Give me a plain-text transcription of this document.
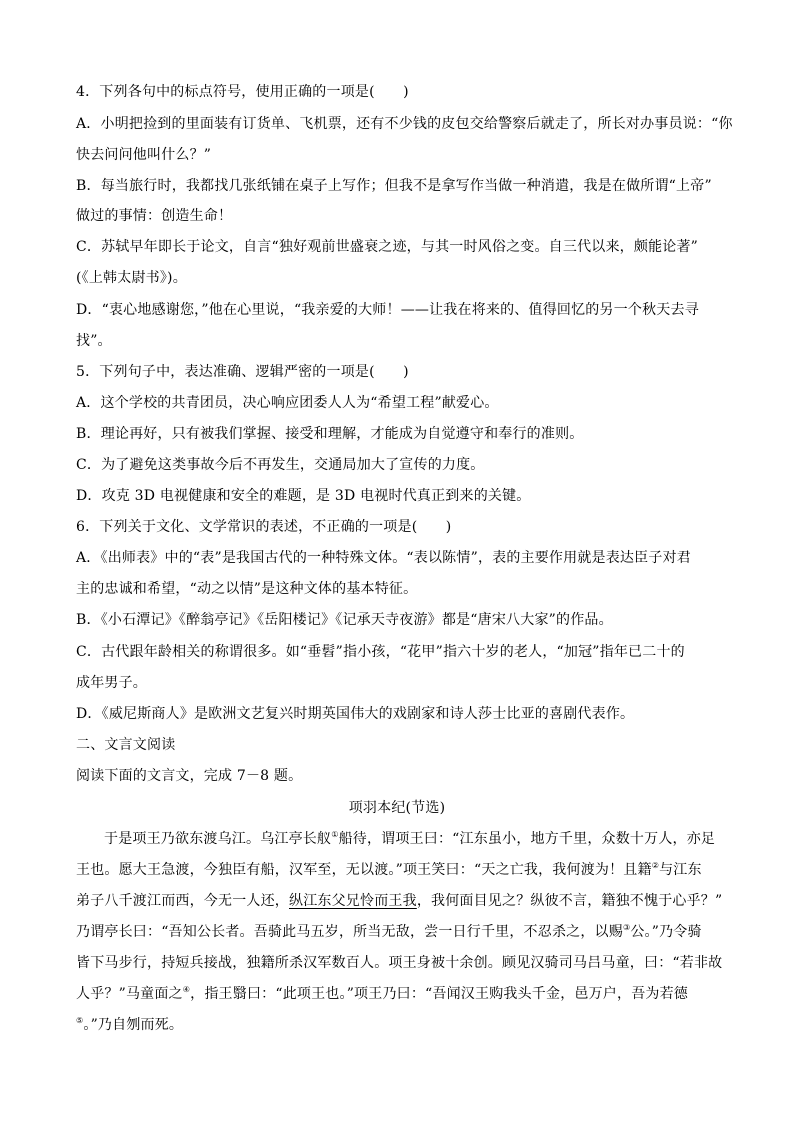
4．下列各句中的标点符号，使用正确的一项是(　　)
A．小明把捡到的里面装有订货单、飞机票，还有不少钱的皮包交给警察后就走了，所长对办事员说：“你
快去问问他叫什么？”
B．每当旅行时，我都找几张纸铺在桌子上写作；但我不是拿写作当做一种消遣，我是在做所谓“上帝”
做过的事情：创造生命！
C．苏轼早年即长于论文，自言“独好观前世盛衰之迹，与其一时风俗之变。自三代以来，颇能论著”
(《上韩太尉书》)。
D．“衷心地感谢您，”他在心里说，“我亲爱的大师！——让我在将来的、值得回忆的另一个秋天去寻
找”。
5．下列句子中，表达准确、逻辑严密的一项是(　　)
A．这个学校的共青团员，决心响应团委人人为“希望工程”献爱心。
B．理论再好，只有被我们掌握、接受和理解，才能成为自觉遵守和奉行的准则。
C．为了避免这类事故今后不再发生，交通局加大了宣传的力度。
D．攻克 3D 电视健康和安全的难题，是 3D 电视时代真正到来的关键。
6．下列关于文化、文学常识的表述，不正确的一项是(　　)
A．《出师表》中的“表”是我国古代的一种特殊文体。“表以陈情”，表的主要作用就是表达臣子对君
主的忠诚和希望，“动之以情”是这种文体的基本特征。
B．《小石潭记》《醉翁亭记》《岳阳楼记》《记承天寺夜游》都是“唐宋八大家”的作品。
C．古代跟年龄相关的称谓很多。如“垂髫”指小孩，“花甲”指六十岁的老人，“加冠”指年已二十的
成年男子。
D．《威尼斯商人》是欧洲文艺复兴时期英国伟大的戏剧家和诗人莎士比亚的喜剧代表作。
二、文言文阅读
阅读下面的文言文，完成 7－8 题。
项羽本纪(节选)
于是项王乃欲东渡乌江。乌江亭长舣①船待，谓项王曰：“江东虽小，地方千里，众数十万人，亦足
王也。愿大王急渡，今独臣有船，汉军至，无以渡。”项王笑曰：“天之亡我，我何渡为！且籍②与江东
弟子八千渡江而西，今无一人还，纵江东父兄怜而王我，我何面目见之？纵彼不言，籍独不愧于心乎？”
乃谓亭长曰：“吾知公长者。吾骑此马五岁，所当无敌，尝一日行千里，不忍杀之，以赐③公。”乃令骑
皆下马步行，持短兵接战，独籍所杀汉军数百人。项王身被十余创。顾见汉骑司马吕马童，曰：“若非故
人乎？”马童面之④，指王翳曰：“此项王也。”项王乃曰：“吾闻汉王购我头千金，邑万户，吾为若德
⑤。”乃自刎而死。
